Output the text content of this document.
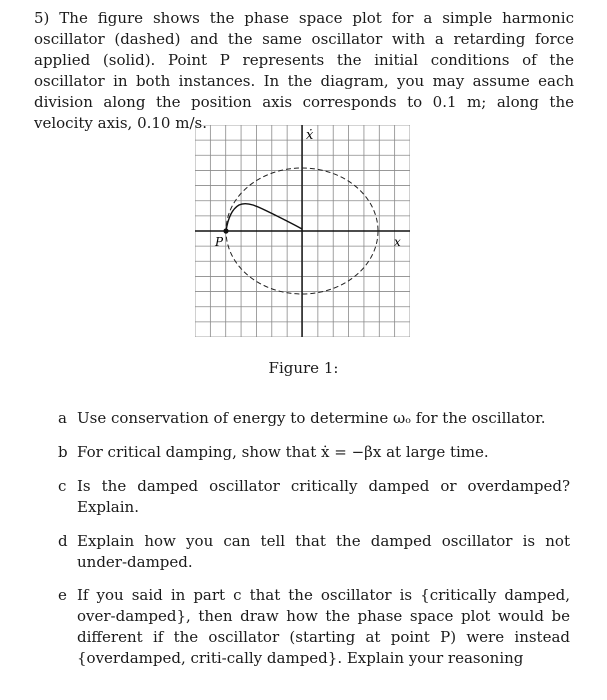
5) The figure shows the phase space plot for a simple harmonic oscillator (dashed) and the same oscillator with a retarding force applied (solid). Point P represents the initial conditions of the oscillator in both instances. In the diagram, you may assume each division along the position axis corresponds to 0.1 m; along the velocity axis, 0.10 m/s.

P	x
ẋ
Figure 1:
a Use conservation of energy to determine ωₒ for the oscillator.
b For critical damping, show that ẋ = −βx at large time.
c Is the damped oscillator critically damped or overdamped? Explain.
d Explain how you can tell that the damped oscillator is not under-damped.
e If you said in part c that the oscillator is {critically damped, over-damped}, then draw how the phase space plot would be different if the oscillator (starting at point P) were instead {overdamped, criti-cally damped}. Explain your reasoning
